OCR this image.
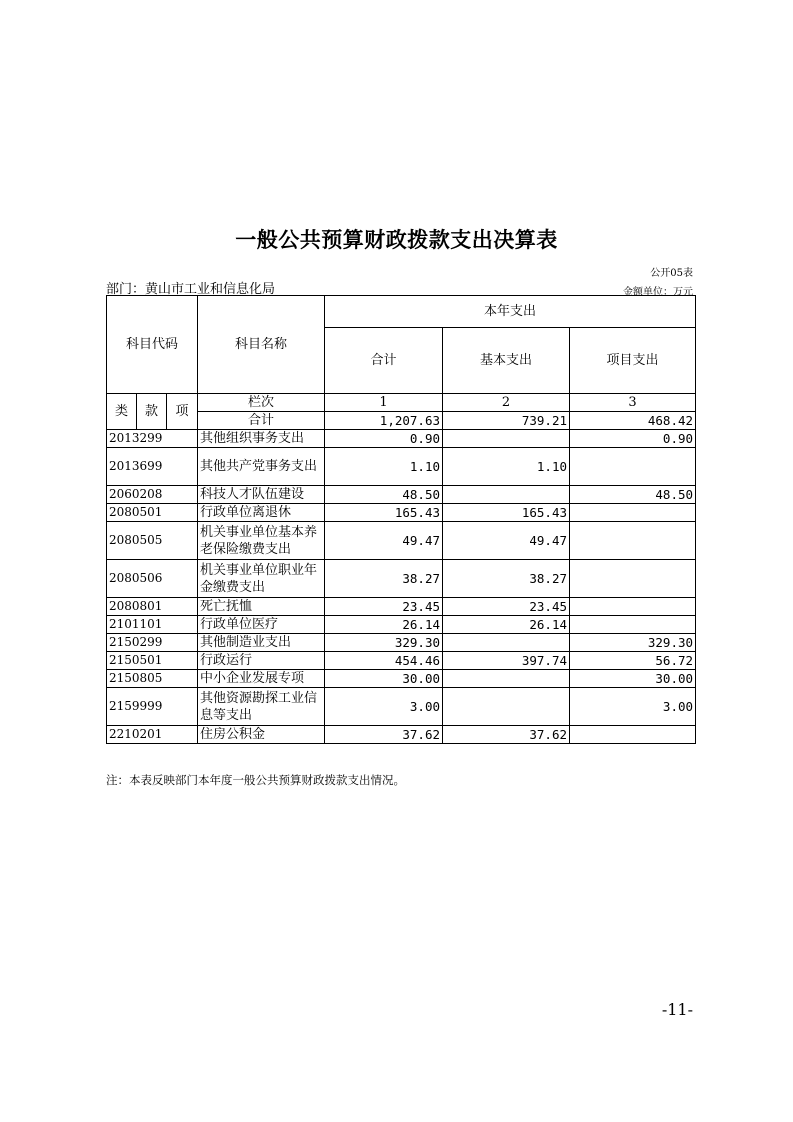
一般公共预算财政拨款支出决算表
公开05表
部门：黄山市工业和信息化局	金额单位：万元
科目代码			科目名称	本年支出		
				合计	基本支出	项目支出
类	款	项	栏次	1	2	3
			合计	1,207.63	739.21	468.42
2013299			其他组织事务支出	0.90		0.90
2013699			其他共产党事务支出	1.10	1.10	
2060208			科技人才队伍建设	48.50		48.50
2080501			行政单位离退休	165.43	165.43	
2080505			机关事业单位基本养老保险缴费支出	49.47	49.47	
2080506			机关事业单位职业年金缴费支出	38.27	38.27	
2080801			死亡抚恤	23.45	23.45	
2101101			行政单位医疗	26.14	26.14	
2150299			其他制造业支出	329.30		329.30
2150501			行政运行	454.46	397.74	56.72
2150805			中小企业发展专项	30.00		30.00
2159999			其他资源勘探工业信息等支出	3.00		3.00
2210201			住房公积金	37.62	37.62	
注：本表反映部门本年度一般公共预算财政拨款支出情况。
-11-
